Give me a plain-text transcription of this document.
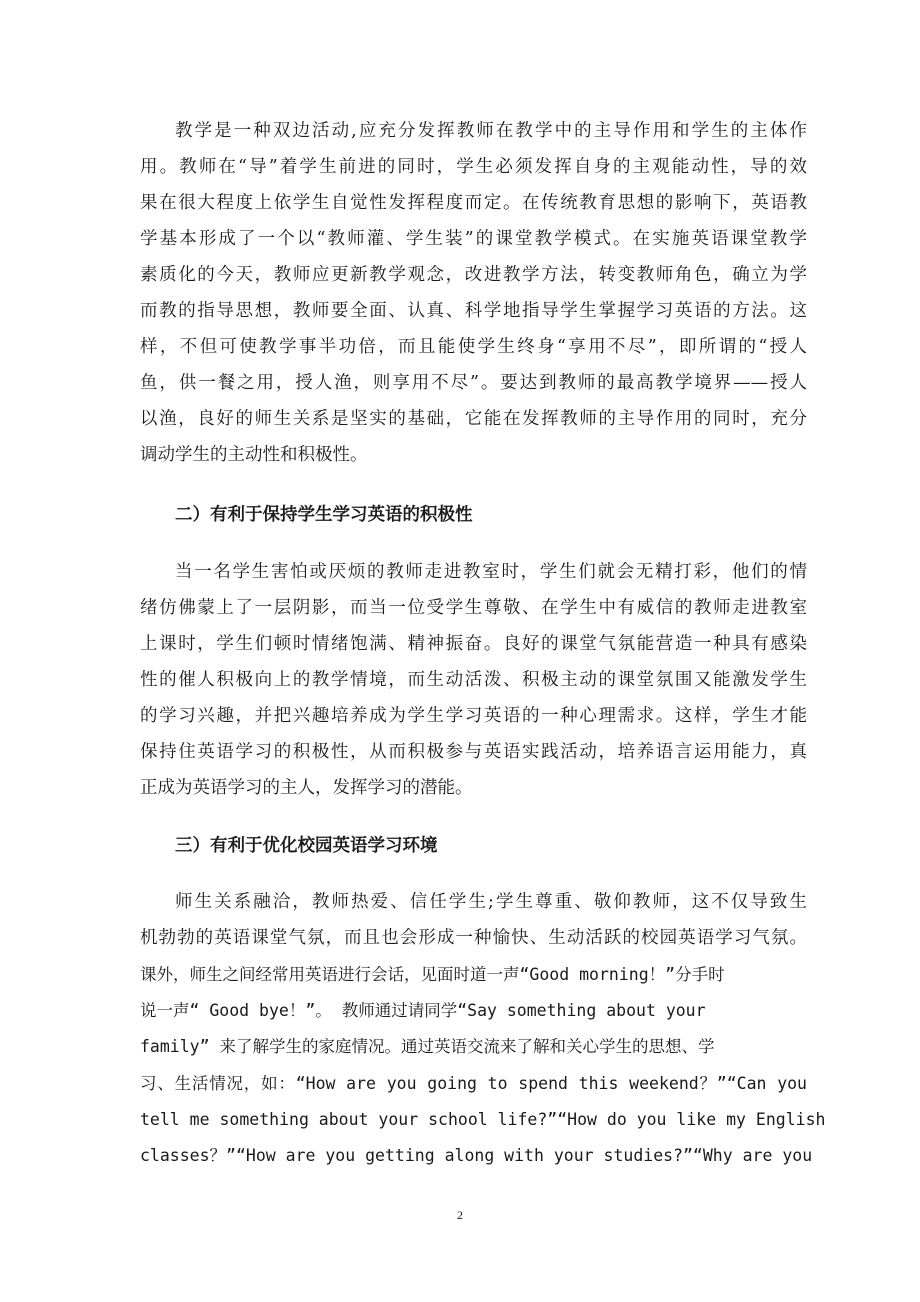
教学是一种双边活动,应充分发挥教师在教学中的主导作用和学生的主体作
用。教师在“导”着学生前进的同时，学生必须发挥自身的主观能动性，导的效
果在很大程度上依学生自觉性发挥程度而定。在传统教育思想的影响下，英语教
学基本形成了一个以“教师灌、学生装”的课堂教学模式。在实施英语课堂教学
素质化的今天，教师应更新教学观念，改进教学方法，转变教师角色，确立为学
而教的指导思想，教师要全面、认真、科学地指导学生掌握学习英语的方法。这
样，不但可使教学事半功倍，而且能使学生终身“享用不尽”，即所谓的“授人
鱼，供一餐之用，授人渔，则享用不尽”。要达到教师的最高教学境界——授人
以渔，良好的师生关系是坚实的基础，它能在发挥教师的主导作用的同时，充分
调动学生的主动性和积极性。
二）有利于保持学生学习英语的积极性
当一名学生害怕或厌烦的教师走进教室时，学生们就会无精打彩，他们的情
绪仿佛蒙上了一层阴影，而当一位受学生尊敬、在学生中有威信的教师走进教室
上课时，学生们顿时情绪饱满、精神振奋。良好的课堂气氛能营造一种具有感染
性的催人积极向上的教学情境，而生动活泼、积极主动的课堂氛围又能激发学生
的学习兴趣，并把兴趣培养成为学生学习英语的一种心理需求。这样，学生才能
保持住英语学习的积极性，从而积极参与英语实践活动，培养语言运用能力，真
正成为英语学习的主人，发挥学习的潜能。
三）有利于优化校园英语学习环境
师生关系融洽，教师热爱、信任学生;学生尊重、敬仰教师，这不仅导致生
机勃勃的英语课堂气氛，而且也会形成一种愉快、生动活跃的校园英语学习气氛。
课外，师生之间经常用英语进行会话，见面时道一声“Good morning！”分手时
说一声“ Good bye！”。 教师通过请同学“Say something about your
family” 来了解学生的家庭情况。通过英语交流来了解和关心学生的思想、学
习、生活情况，如：“How are you going to spend this weekend？”“Can you
tell me something about your school life?”“How do you like my English
classes？”“How are you getting along with your studies?”“Why are you
2
